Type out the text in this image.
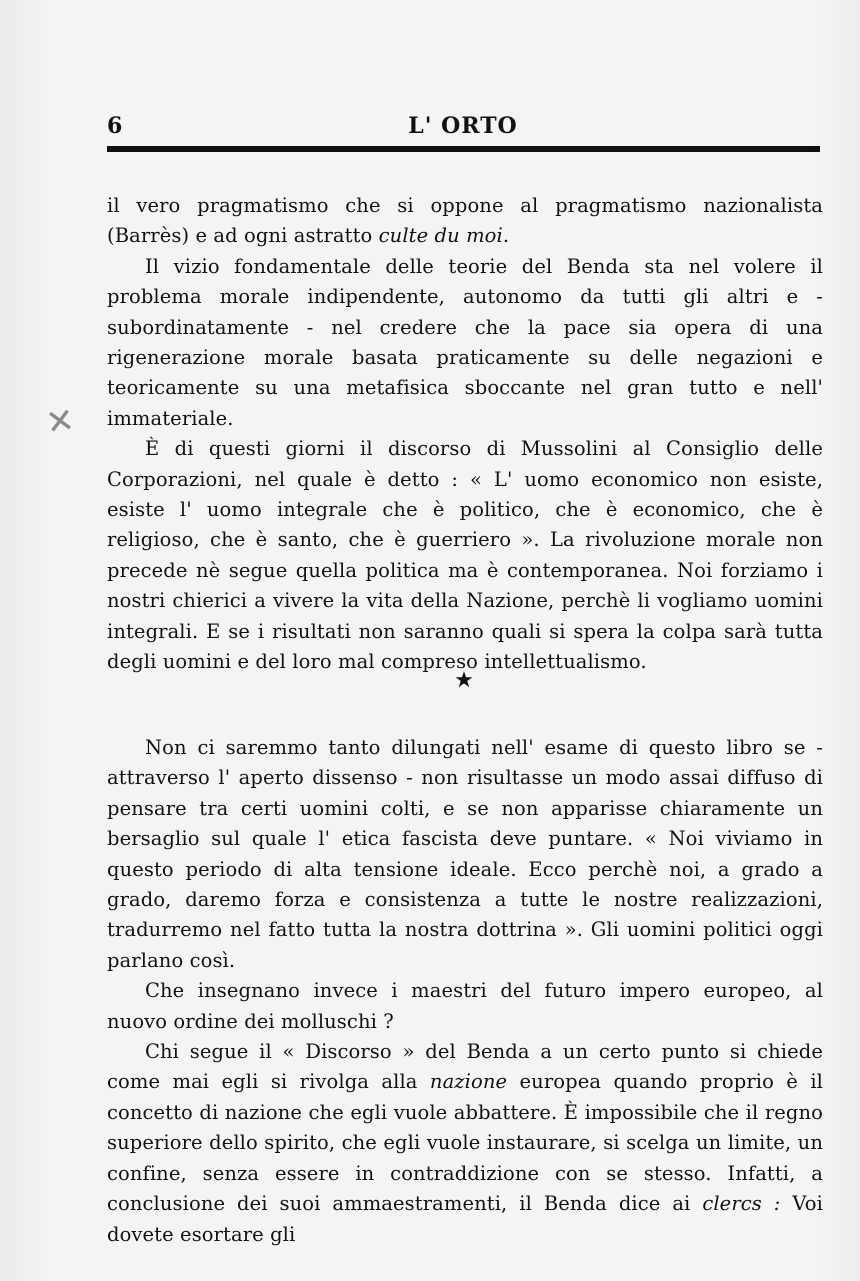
6	L' ORTO
✕

il vero pragmatismo che si oppone al pragmatismo nazionalista (Barrès) e ad ogni astratto culte du moi.

Il vizio fondamentale delle teorie del Benda sta nel volere il problema morale indipendente, autonomo da tutti gli altri e - subordinatamente - nel credere che la pace sia opera di una rigenerazione morale basata praticamente su delle negazioni e teoricamente su una metafisica sboccante nel gran tutto e nell' immateriale.

È di questi giorni il discorso di Mussolini al Consiglio delle Corporazioni, nel quale è detto : « L' uomo economico non esiste, esiste l' uomo integrale che è politico, che è economico, che è religioso, che è santo, che è guerriero ». La rivoluzione morale non precede nè segue quella politica ma è contemporanea. Noi forziamo i nostri chierici a vivere la vita della Nazione, perchè li vogliamo uomini integrali. E se i risultati non saranno quali si spera la colpa sarà tutta degli uomini e del loro mal compreso intellettualismo.

★

Non ci saremmo tanto dilungati nell' esame di questo libro se - attraverso l' aperto dissenso - non risultasse un modo assai diffuso di pensare tra certi uomini colti, e se non apparisse chiaramente un bersaglio sul quale l' etica fascista deve puntare. « Noi viviamo in questo periodo di alta tensione ideale. Ecco perchè noi, a grado a grado, daremo forza e consistenza a tutte le nostre realizzazioni, tradurremo nel fatto tutta la nostra dottrina ». Gli uomini politici oggi parlano così.

Che insegnano invece i maestri del futuro impero europeo, al nuovo ordine dei molluschi ?

Chi segue il « Discorso » del Benda a un certo punto si chiede come mai egli si rivolga alla nazione europea quando proprio è il concetto di nazione che egli vuole abbattere. È impossibile che il regno superiore dello spirito, che egli vuole instaurare, si scelga un limite, un confine, senza essere in contraddizione con se stesso. Infatti, a conclusione dei suoi ammaestramenti, il Benda dice ai clercs : Voi dovete esortare gli
